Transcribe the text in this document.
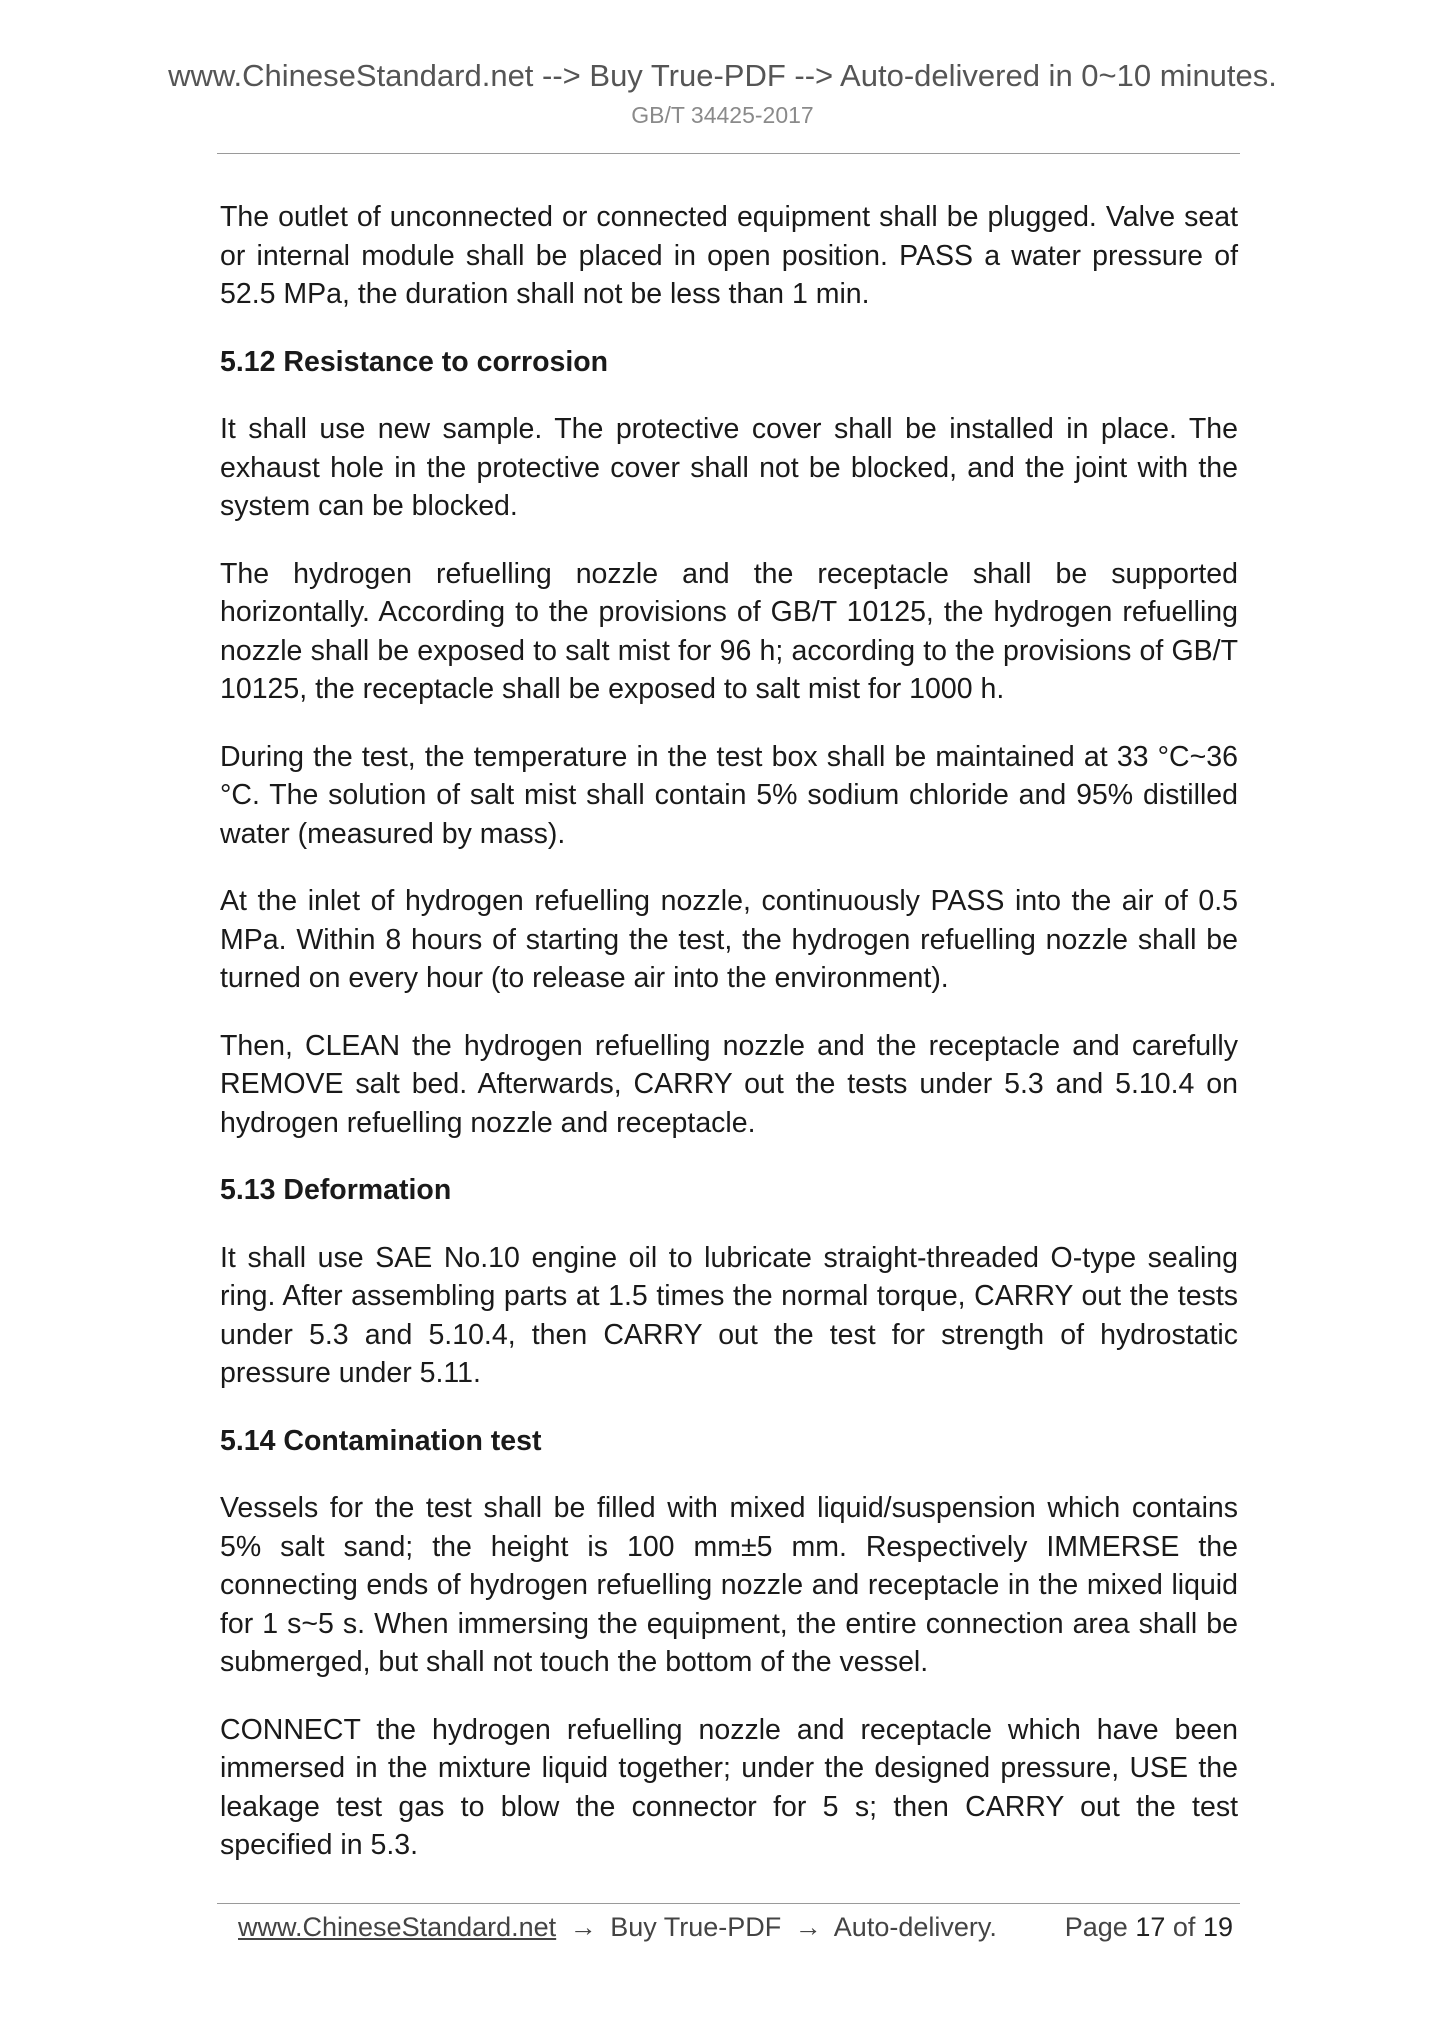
www.ChineseStandard.net --> Buy True-PDF --> Auto-delivered in 0~10 minutes.
GB/T 34425-2017

The outlet of unconnected or connected equipment shall be plugged. Valve seat or internal module shall be placed in open position. PASS a water pressure of 52.5 MPa, the duration shall not be less than 1 min.

5.12 Resistance to corrosion

It shall use new sample. The protective cover shall be installed in place. The exhaust hole in the protective cover shall not be blocked, and the joint with the system can be blocked.

The hydrogen refuelling nozzle and the receptacle shall be supported horizontally. According to the provisions of GB/T 10125, the hydrogen refuelling nozzle shall be exposed to salt mist for 96 h; according to the provisions of GB/T 10125, the receptacle shall be exposed to salt mist for 1000 h.

During the test, the temperature in the test box shall be maintained at 33 °C~36 °C. The solution of salt mist shall contain 5% sodium chloride and 95% distilled water (measured by mass).

At the inlet of hydrogen refuelling nozzle, continuously PASS into the air of 0.5 MPa. Within 8 hours of starting the test, the hydrogen refuelling nozzle shall be turned on every hour (to release air into the environment).

Then, CLEAN the hydrogen refuelling nozzle and the receptacle and carefully REMOVE salt bed. Afterwards, CARRY out the tests under 5.3 and 5.10.4 on hydrogen refuelling nozzle and receptacle.

5.13 Deformation

It shall use SAE No.10 engine oil to lubricate straight-threaded O-type sealing ring. After assembling parts at 1.5 times the normal torque, CARRY out the tests under 5.3 and 5.10.4, then CARRY out the test for strength of hydrostatic pressure under 5.11.

5.14 Contamination test

Vessels for the test shall be filled with mixed liquid/suspension which contains 5% salt sand; the height is 100 mm±5 mm. Respectively IMMERSE the connecting ends of hydrogen refuelling nozzle and receptacle in the mixed liquid for 1 s~5 s. When immersing the equipment, the entire connection area shall be submerged, but shall not touch the bottom of the vessel.

CONNECT the hydrogen refuelling nozzle and receptacle which have been immersed in the mixture liquid together; under the designed pressure, USE the leakage test gas to blow the connector for 5 s; then CARRY out the test specified in 5.3.

www.ChineseStandard.net → Buy True-PDF → Auto-delivery.	Page 17 of 19
